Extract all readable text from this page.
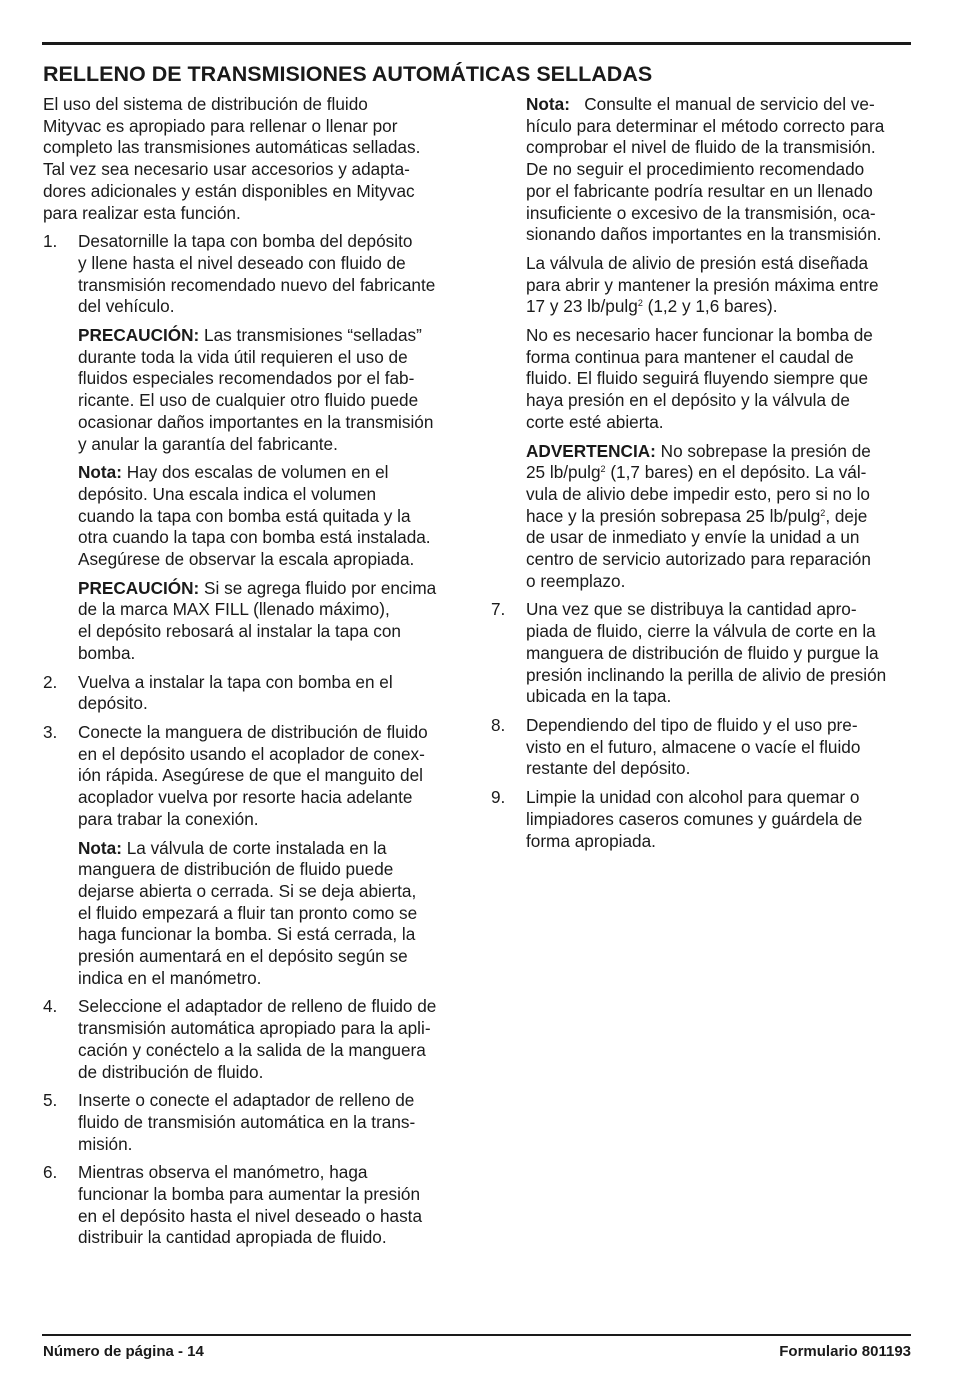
RELLENO DE TRANSMISIONES AUTOMÁTICAS SELLADAS
El uso del sistema de distribución de fluido
Mityvac es apropiado para rellenar o llenar por
completo las transmisiones automáticas selladas.
Tal vez sea necesario usar accesorios y adapta-
dores adicionales y están disponibles en Mityvac
para realizar esta función.
1. Desatornille la tapa con bomba del depósito
y llene hasta el nivel deseado con fluido de
transmisión recomendado nuevo del fabricante
del vehículo.
PRECAUCIÓN: Las transmisiones “selladas”
durante toda la vida útil requieren el uso de
fluidos especiales recomendados por el fab-
ricante. El uso de cualquier otro fluido puede
ocasionar daños importantes en la transmisión
y anular la garantía del fabricante.
Nota: Hay dos escalas de volumen en el
depósito. Una escala indica el volumen
cuando la tapa con bomba está quitada y la
otra cuando la tapa con bomba está instalada.
Asegúrese de observar la escala apropiada.
PRECAUCIÓN: Si se agrega fluido por encima
de la marca MAX FILL (llenado máximo),
el depósito rebosará al instalar la tapa con
bomba.
2. Vuelva a instalar la tapa con bomba en el
depósito.
3. Conecte la manguera de distribución de fluido
en el depósito usando el acoplador de conex-
ión rápida. Asegúrese de que el manguito del
acoplador vuelva por resorte hacia adelante
para trabar la conexión.
Nota: La válvula de corte instalada en la
manguera de distribución de fluido puede
dejarse abierta o cerrada. Si se deja abierta,
el fluido empezará a fluir tan pronto como se
haga funcionar la bomba. Si está cerrada, la
presión aumentará en el depósito según se
indica en el manómetro.
4. Seleccione el adaptador de relleno de fluido de
transmisión automática apropiado para la apli-
cación y conéctelo a la salida de la manguera
de distribución de fluido.
5. Inserte o conecte el adaptador de relleno de
fluido de transmisión automática en la trans-
misión.
6. Mientras observa el manómetro, haga
funcionar la bomba para aumentar la presión
en el depósito hasta el nivel deseado o hasta
distribuir la cantidad apropiada de fluido.
Nota:   Consulte el manual de servicio del ve-
hículo para determinar el método correcto para
comprobar el nivel de fluido de la transmisión.
De no seguir el procedimiento recomendado
por el fabricante podría resultar en un llenado
insuficiente o excesivo de la transmisión, oca-
sionando daños importantes en la transmisión.
La válvula de alivio de presión está diseñada
para abrir y mantener la presión máxima entre
17 y 23 lb/pulg$^2$ (1,2 y 1,6 bares).
No es necesario hacer funcionar la bomba de
forma continua para mantener el caudal de
fluido. El fluido seguirá fluyendo siempre que
haya presión en el depósito y la válvula de
corte esté abierta.
ADVERTENCIA: No sobrepase la presión de
25 lb/pulg$^2$ (1,7 bares) en el depósito. La vál-
vula de alivio debe impedir esto, pero si no lo
hace y la presión sobrepasa 25 lb/pulg$^2$, deje
de usar de inmediato y envíe la unidad a un
centro de servicio autorizado para reparación
o reemplazo.
7. Una vez que se distribuya la cantidad apro-
piada de fluido, cierre la válvula de corte en la
manguera de distribución de fluido y purgue la
presión inclinando la perilla de alivio de presión
ubicada en la tapa.
8. Dependiendo del tipo de fluido y el uso pre-
visto en el futuro, almacene o vacíe el fluido
restante del depósito.
9. Limpie la unidad con alcohol para quemar o
limpiadores caseros comunes y guárdela de
forma apropiada.
Número de página - 14	Formulario 801193
